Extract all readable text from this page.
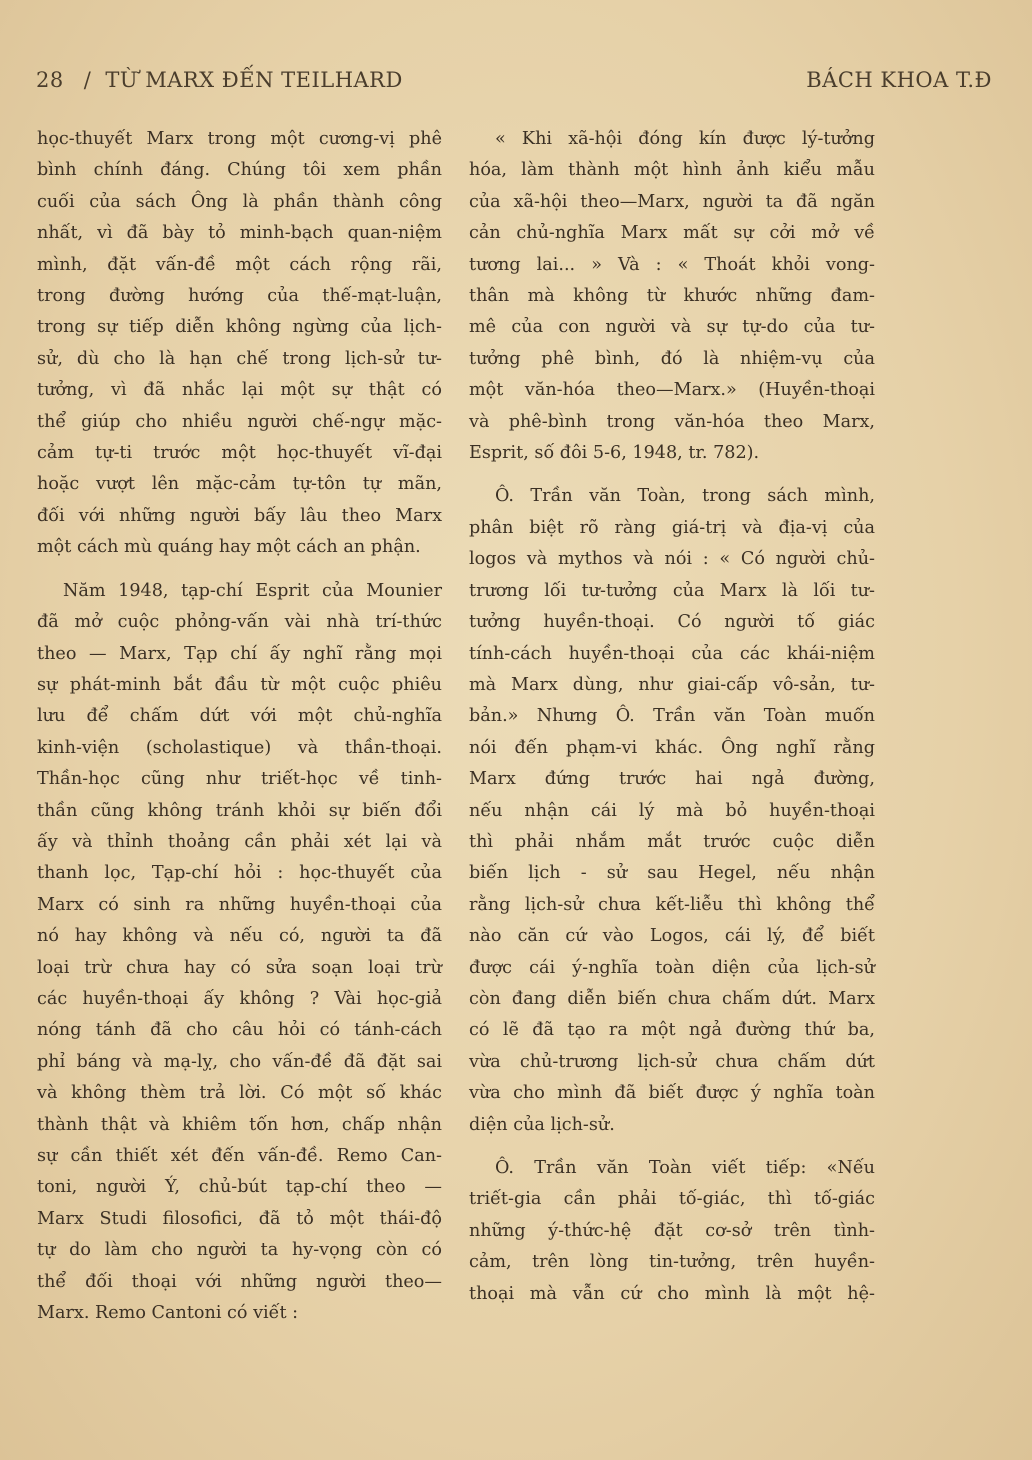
28 / TỪ MARX ĐẾN TEILHARD	BÁCH KHOA T.Đ

học-thuyết Marx trong một cương-vị phê
bình chính đáng. Chúng tôi xem phần
cuối của sách Ông là phần thành công
nhất, vì đã bày tỏ minh-bạch quan-niệm
mình, đặt vấn-đề một cách rộng rãi,
trong đường hướng của thế-mạt-luận,
trong sự tiếp diễn không ngừng của lịch-
sử, dù cho là hạn chế trong lịch-sử tư-
tưởng, vì đã nhắc lại một sự thật có
thể giúp cho nhiều người chế-ngự mặc-
cảm tự-ti trước một học-thuyết vĩ-đại
hoặc vượt lên mặc-cảm tự-tôn tự mãn,
đối với những người bấy lâu theo Marx
một cách mù quáng hay một cách an phận.

Năm 1948, tạp-chí Esprit của Mounier
đã mở cuộc phỏng-vấn vài nhà trí-thức
theo — Marx, Tạp chí ấy nghĩ rằng mọi
sự phát-minh bắt đầu từ một cuộc phiêu
lưu để chấm dứt với một chủ-nghĩa
kinh-viện (scholastique) và thần-thoại.
Thần-học cũng như triết-học về tinh-
thần cũng không tránh khỏi sự biến đổi
ấy và thỉnh thoảng cần phải xét lại và
thanh lọc, Tạp-chí hỏi : học-thuyết của
Marx có sinh ra những huyền-thoại của
nó hay không và nếu có, người ta đã
loại trừ chưa hay có sửa soạn loại trừ
các huyền-thoại ấy không ? Vài học-giả
nóng tánh đã cho câu hỏi có tánh-cách
phỉ báng và mạ-lỵ, cho vấn-đề đã đặt sai
và không thèm trả lời. Có một số khác
thành thật và khiêm tốn hơn, chấp nhận
sự cần thiết xét đến vấn-đề. Remo Can-
toni, người Ý, chủ-bút tạp-chí theo —
Marx Studi filosofici, đã tỏ một thái-độ
tự do làm cho người ta hy-vọng còn có
thể đối thoại với những người theo—
Marx. Remo Cantoni có viết :

« Khi xã-hội đóng kín được lý-tưởng
hóa, làm thành một hình ảnh kiểu mẫu
của xã-hội theo—Marx, người ta đã ngăn
cản chủ-nghĩa Marx mất sự cởi mở về
tương lai... » Và : « Thoát khỏi vong-
thân mà không từ khước những đam-
mê của con người và sự tự-do của tư-
tưởng phê bình, đó là nhiệm-vụ của
một văn-hóa theo—Marx.» (Huyền-thoại
và phê-bình trong văn-hóa theo Marx,
Esprit, số đôi 5-6, 1948, tr. 782).

Ô. Trần văn Toàn, trong sách mình,
phân biệt rõ ràng giá-trị và địa-vị của
logos và mythos và nói : « Có người chủ-
trương lối tư-tưởng của Marx là lối tư-
tưởng huyền-thoại. Có người tố giác
tính-cách huyền-thoại của các khái-niệm
mà Marx dùng, như giai-cấp vô-sản, tư-
bản.» Nhưng Ô. Trần văn Toàn muốn
nói đến phạm-vi khác. Ông nghĩ rằng
Marx đứng trước hai ngả đường,
nếu nhận cái lý mà bỏ huyền-thoại
thì phải nhắm mắt trước cuộc diễn
biến lịch - sử sau Hegel, nếu nhận
rằng lịch-sử chưa kết-liễu thì không thể
nào căn cứ vào Logos, cái lý, để biết
được cái ý-nghĩa toàn diện của lịch-sử
còn đang diễn biến chưa chấm dứt. Marx
có lẽ đã tạo ra một ngả đường thứ ba,
vừa chủ-trương lịch-sử chưa chấm dứt
vừa cho mình đã biết được ý nghĩa toàn
diện của lịch-sử.

Ô. Trần văn Toàn viết tiếp: «Nếu
triết-gia cần phải tố-giác, thì tố-giác
những ý-thức-hệ đặt cơ-sở trên tình-
cảm, trên lòng tin-tưởng, trên huyền-
thoại mà vẫn cứ cho mình là một hệ-
